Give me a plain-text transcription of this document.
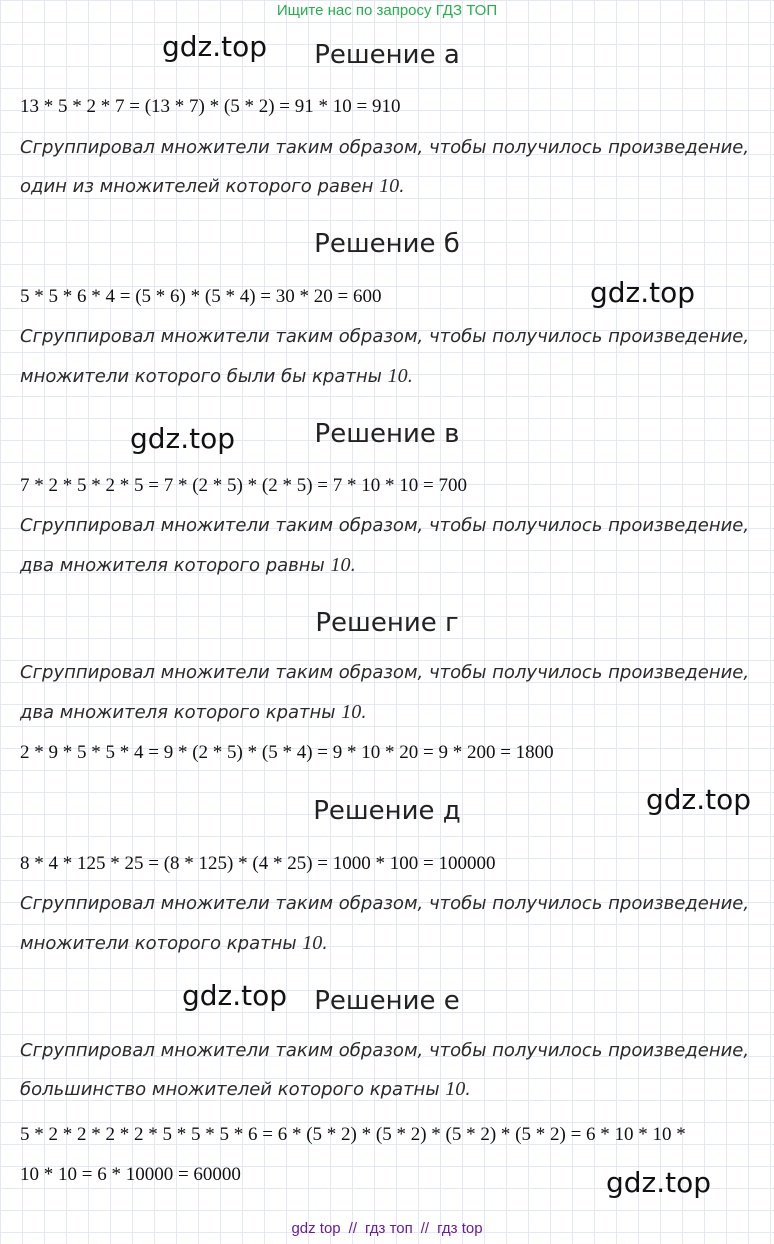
Ищите нас по запросу ГДЗ ТОП
gdz.top
gdz.top
gdz.top
gdz.top
gdz.top
gdz.top
Решение а
13 * 5 * 2 * 7 = (13 * 7) * (5 * 2) = 91 * 10 = 910
Сгруппировал множители таким образом, чтобы получилось произведение,
один из множителей которого равен 10.
Решение б
5 * 5 * 6 * 4 = (5 * 6) * (5 * 4) = 30 * 20 = 600
Сгруппировал множители таким образом, чтобы получилось произведение,
множители которого были бы кратны 10.
Решение в
7 * 2 * 5 * 2 * 5 = 7 * (2 * 5) * (2 * 5) = 7 * 10 * 10 = 700
Сгруппировал множители таким образом, чтобы получилось произведение,
два множителя которого равны 10.
Решение г
Сгруппировал множители таким образом, чтобы получилось произведение,
два множителя которого кратны 10.
2 * 9 * 5 * 5 * 4 = 9 * (2 * 5) * (5 * 4) = 9 * 10 * 20 = 9 * 200 = 1800
Решение д
8 * 4 * 125 * 25 = (8 * 125) * (4 * 25) = 1000 * 100 = 100000
Сгруппировал множители таким образом, чтобы получилось произведение,
множители которого кратны 10.
Решение е
Сгруппировал множители таким образом, чтобы получилось произведение,
большинство множителей которого кратны 10.
5 * 2 * 2 * 2 * 2 * 5 * 5 * 5 * 6 = 6 * (5 * 2) * (5 * 2) * (5 * 2) * (5 * 2) = 6 * 10 * 10 *
10 * 10 = 6 * 10000 = 60000
gdz top // гдз топ // гдз top
